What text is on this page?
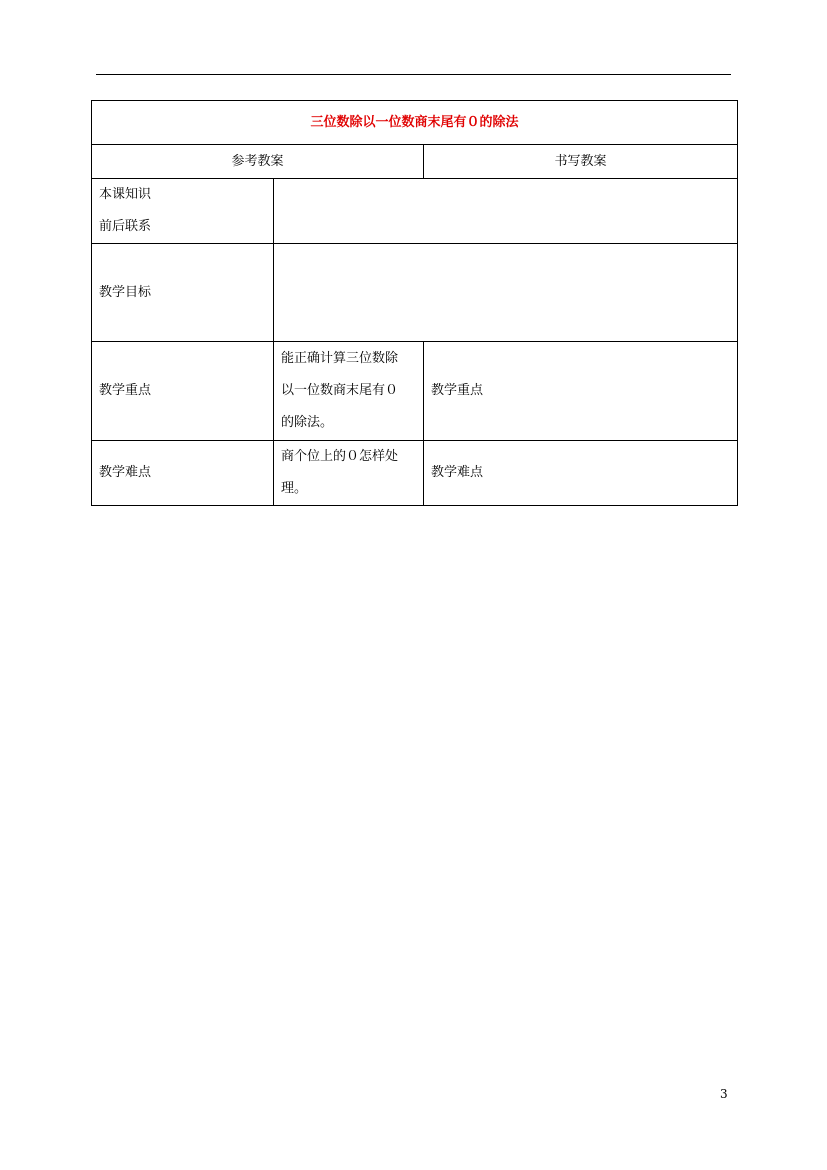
三位数除以一位数商末尾有０的除法		
参考教案		书写教案

本课知识
前后联系		

教学目标		
教学重点	能正确计算三位数除
以一位数商末尾有０
的除法。	教学重点
教学难点	商个位上的０怎样处
理。	教学难点
3
